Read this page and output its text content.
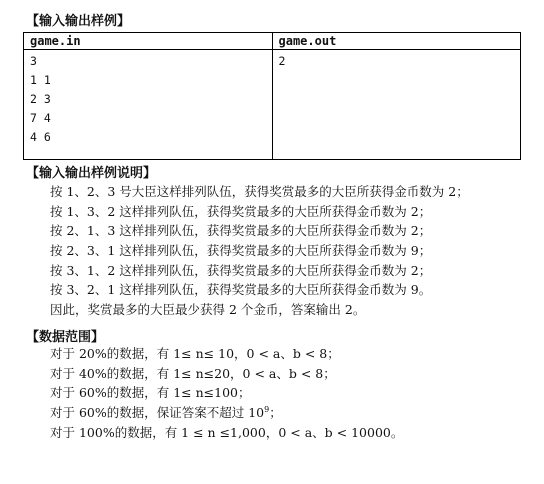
【输入输出样例】
game.in	game.out

3
1 1
2 3
7 4
4 6	2
【输入输出样例说明】
按 1、2、3 号大臣这样排列队伍，获得奖赏最多的大臣所获得金币数为 2；
按 1、3、2 这样排列队伍，获得奖赏最多的大臣所获得金币数为 2；
按 2、1、3 这样排列队伍，获得奖赏最多的大臣所获得金币数为 2；
按 2、3、1 这样排列队伍，获得奖赏最多的大臣所获得金币数为 9；
按 3、1、2 这样排列队伍，获得奖赏最多的大臣所获得金币数为 2；
按 3、2、1 这样排列队伍，获得奖赏最多的大臣所获得金币数为 9。
因此，奖赏最多的大臣最少获得 2 个金币，答案输出 2。
【数据范围】
对于 20%的数据，有 1≤ n≤ 10，0 < a、b < 8；
对于 40%的数据，有 1≤ n≤20，0 < a、b < 8；
对于 60%的数据，有 1≤ n≤100；
对于 60%的数据，保证答案不超过 $10^9$；
对于 100%的数据，有 1 ≤ n ≤1,000，0 < a、b < 10000。
